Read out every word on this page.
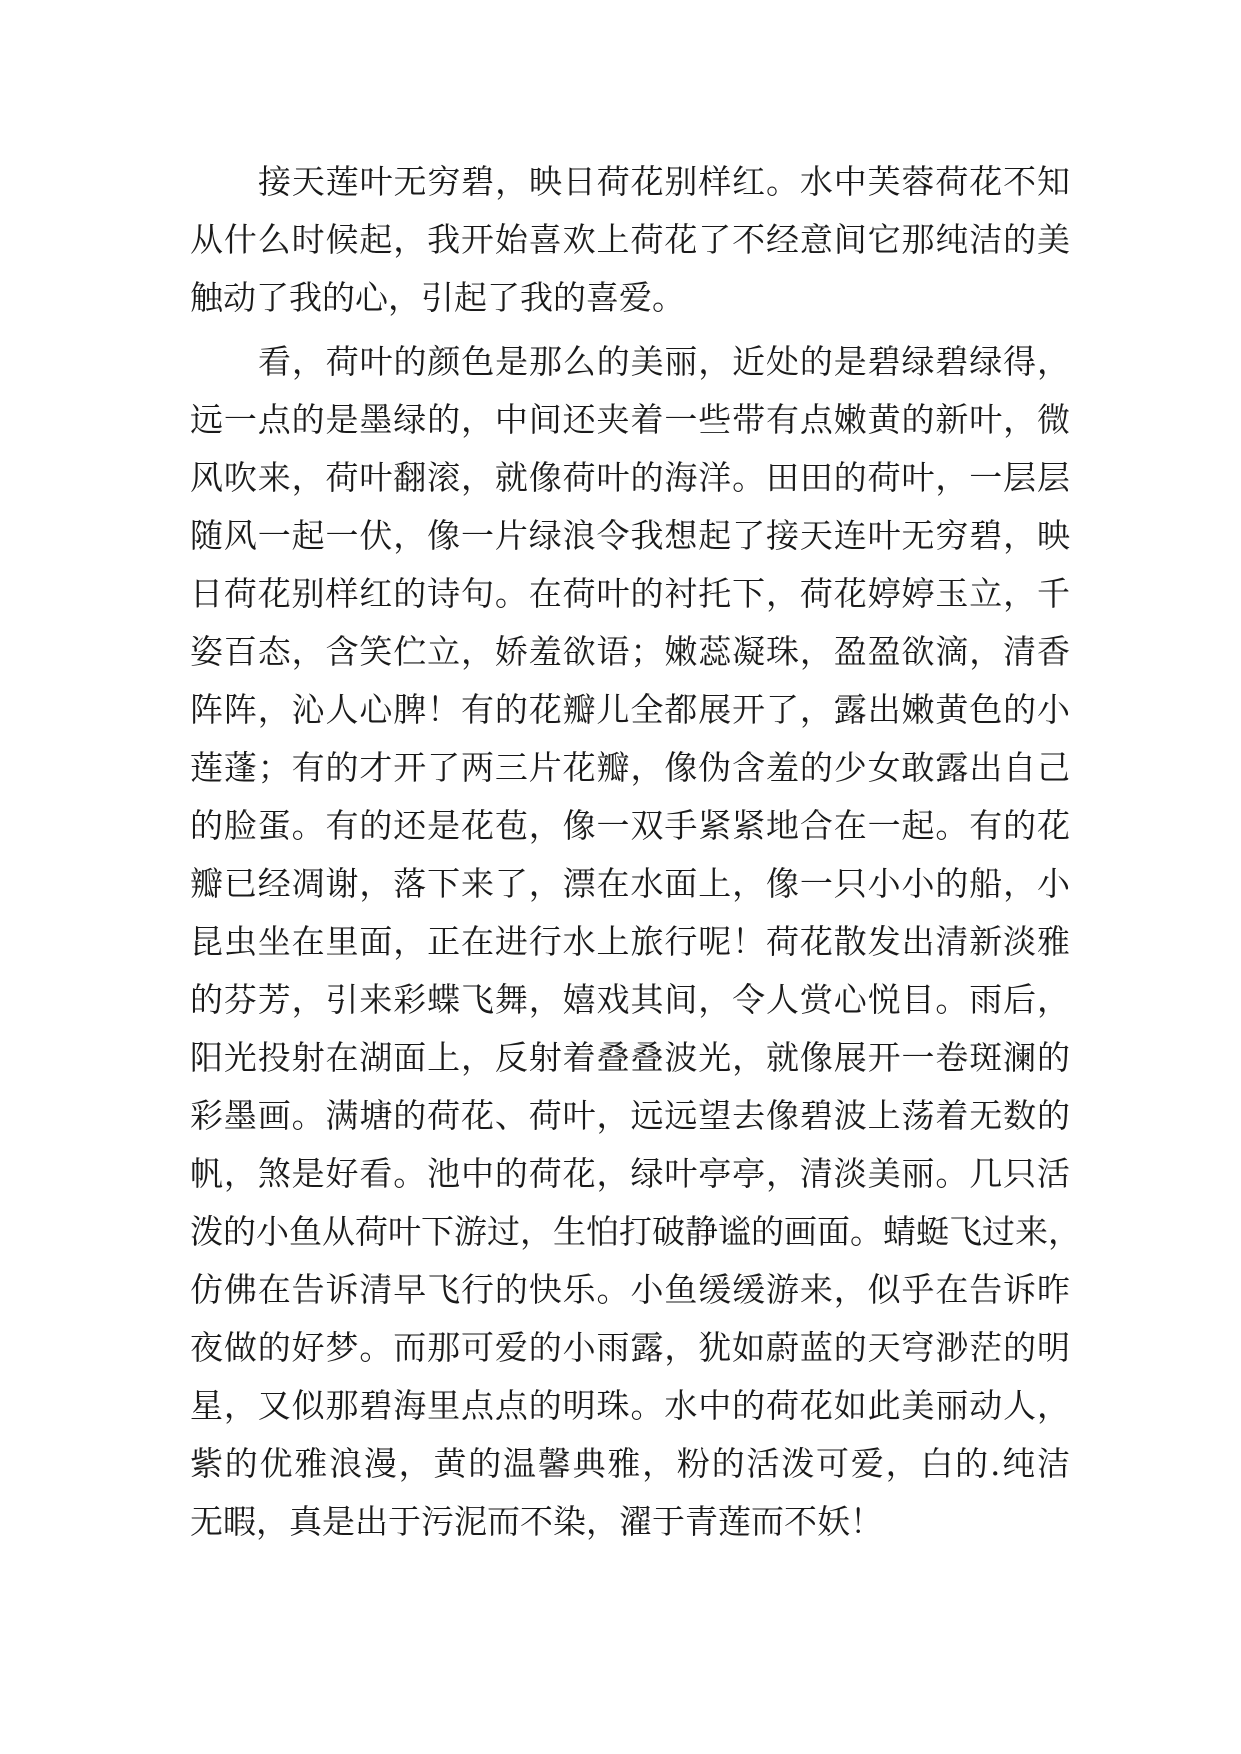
接天莲叶无穷碧，映日荷花别样红。水中芙蓉荷花不知
从什么时候起，我开始喜欢上荷花了不经意间它那纯洁的美
触动了我的心，引起了我的喜爱。
看，荷叶的颜色是那么的美丽，近处的是碧绿碧绿得，
远一点的是墨绿的，中间还夹着一些带有点嫩黄的新叶，微
风吹来，荷叶翻滚，就像荷叶的海洋。田田的荷叶，一层层
随风一起一伏，像一片绿浪令我想起了接天连叶无穷碧，映
日荷花别样红的诗句。在荷叶的衬托下，荷花婷婷玉立，千
姿百态，含笑伫立，娇羞欲语；嫩蕊凝珠，盈盈欲滴，清香
阵阵，沁人心脾！有的花瓣儿全都展开了，露出嫩黄色的小
莲蓬；有的才开了两三片花瓣，像伪含羞的少女敢露出自己
的脸蛋。有的还是花苞，像一双手紧紧地合在一起。有的花
瓣已经凋谢，落下来了，漂在水面上，像一只小小的船，小
昆虫坐在里面，正在进行水上旅行呢！荷花散发出清新淡雅
的芬芳，引来彩蝶飞舞，嬉戏其间，令人赏心悦目。雨后，
阳光投射在湖面上，反射着叠叠波光，就像展开一卷斑澜的
彩墨画。满塘的荷花、荷叶，远远望去像碧波上荡着无数的
帆，煞是好看。池中的荷花，绿叶亭亭，清淡美丽。几只活
泼的小鱼从荷叶下游过，生怕打破静谧的画面。蜻蜓飞过来，
仿佛在告诉清早飞行的快乐。小鱼缓缓游来，似乎在告诉昨
夜做的好梦。而那可爱的小雨露，犹如蔚蓝的天穹渺茫的明
星，又似那碧海里点点的明珠。水中的荷花如此美丽动人，
紫的优雅浪漫，黄的温馨典雅，粉的活泼可爱，白的.纯洁
无暇，真是出于污泥而不染，濯于青莲而不妖！
